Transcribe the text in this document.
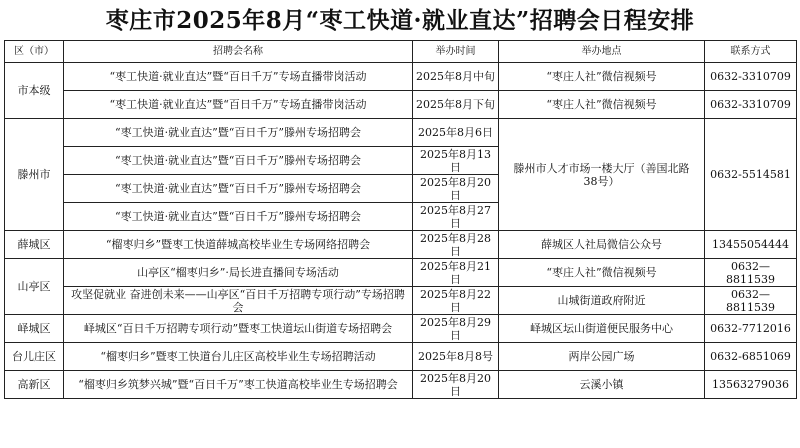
枣庄市2025年8月“枣工快道·就业直达”招聘会日程安排
区（市）	招聘会名称	举办时间	举办地点	联系方式
市本级	“枣工快道·就业直达”暨“百日千万”专场直播带岗活动	2025年8月中旬	“枣庄人社”微信视频号	0632-3310709
	“枣工快道·就业直达”暨“百日千万”专场直播带岗活动	2025年8月下旬	“枣庄人社”微信视频号	0632-3310709
滕州市	“枣工快道·就业直达”暨“百日千万”滕州专场招聘会	2025年8月6日	滕州市人才市场一楼大厅（善国北路38号）	0632-5514581
	“枣工快道·就业直达”暨“百日千万”滕州专场招聘会	2025年8月13日		
	“枣工快道·就业直达”暨“百日千万”滕州专场招聘会	2025年8月20日		
	“枣工快道·就业直达”暨“百日千万”滕州专场招聘会	2025年8月27日		
薛城区	“榴枣归乡”暨枣工快道薛城高校毕业生专场网络招聘会	2025年8月28日	薛城区人社局微信公众号	13455054444
山亭区	山亭区“榴枣归乡”·局长进直播间专场活动	2025年8月21日	“枣庄人社”微信视频号	0632—8811539
	攻坚促就业 奋进创未来——山亭区“百日千万招聘专项行动”专场招聘会	2025年8月22日	山城街道政府附近	0632—8811539
峄城区	峄城区“百日千万招聘专项行动”暨枣工快道坛山街道专场招聘会	2025年8月29日	峄城区坛山街道便民服务中心	0632-7712016
台儿庄区	“榴枣归乡”暨枣工快道台儿庄区高校毕业生专场招聘活动	2025年8月8号	两岸公园广场	0632-6851069
高新区	“榴枣归乡筑梦兴城”暨“百日千万”枣工快道高校毕业生专场招聘会	2025年8月20日	云溪小镇	13563279036
